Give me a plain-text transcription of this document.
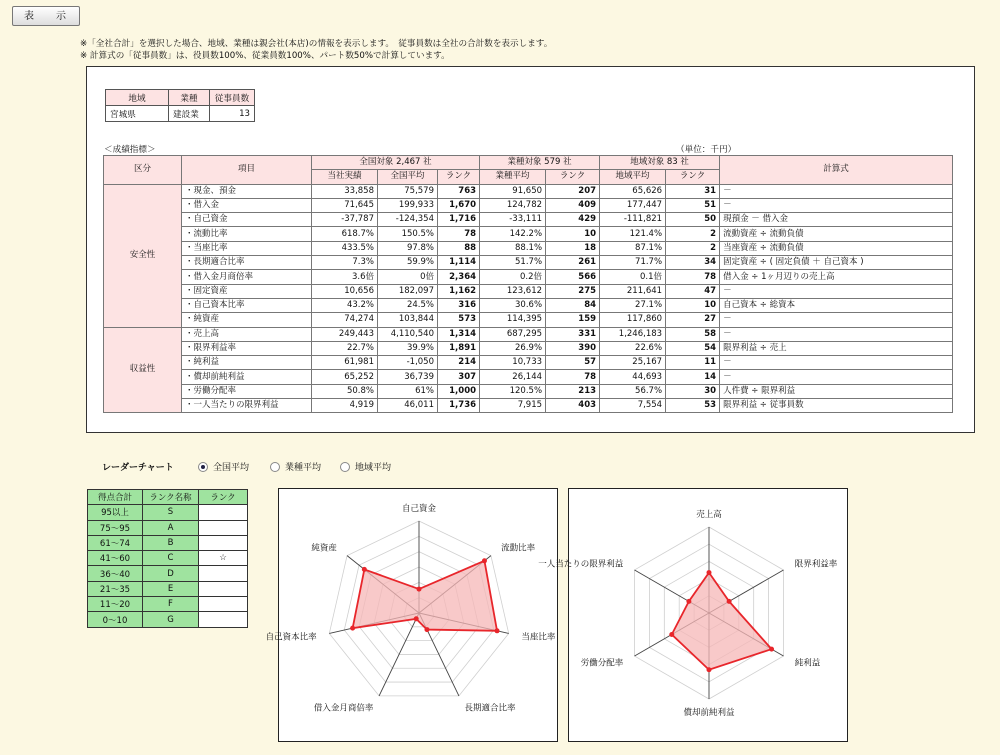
表　示
※「全社合計」を選択した場合、地域、業種は親会社(本店)の情報を表示します。　従事員数は全社の合計数を表示します。
※ 計算式の「従事員数」は、役員数100%、従業員数100%、パート数50%で計算しています。
地域	業種	従事員数
宮城県	建設業	13
＜成績指標＞	（単位：千円）
区分	項目	全国対象 2,467 社			業種対象 579 社		地域対象 83 社		計算式
		当社実績	全国平均	ランク	業種平均	ランク	地域平均	ランク	
安全性	・現金、預金	33,858	75,579	763	91,650	207	65,626	31	－
	・借入金	71,645	199,933	1,670	124,782	409	177,447	51	－
	・自己資金	-37,787	-124,354	1,716	-33,111	429	-111,821	50	現預金 － 借入金
	・流動比率	618.7%	150.5%	78	142.2%	10	121.4%	2	流動資産 ÷ 流動負債
	・当座比率	433.5%	97.8%	88	88.1%	18	87.1%	2	当座資産 ÷ 流動負債
	・長期適合比率	7.3%	59.9%	1,114	51.7%	261	71.7%	34	固定資産 ÷ ( 固定負債 ＋ 自己資本 )
	・借入金月商倍率	3.6倍	0倍	2,364	0.2倍	566	0.1倍	78	借入金 ÷ 1ヶ月辺りの売上高
	・固定資産	10,656	182,097	1,162	123,612	275	211,641	47	－
	・自己資本比率	43.2%	24.5%	316	30.6%	84	27.1%	10	自己資本 ÷ 総資本
	・純資産	74,274	103,844	573	114,395	159	117,860	27	－
収益性	・売上高	249,443	4,110,540	1,314	687,295	331	1,246,183	58	－
	・限界利益率	22.7%	39.9%	1,891	26.9%	390	22.6%	54	限界利益 ÷ 売上
	・純利益	61,981	-1,050	214	10,733	57	25,167	11	－
	・償却前純利益	65,252	36,739	307	26,144	78	44,693	14	－
	・労働分配率	50.8%	61%	1,000	120.5%	213	56.7%	30	人件費 ÷ 限界利益
	・一人当たりの限界利益	4,919	46,011	1,736	7,915	403	7,554	53	限界利益 ÷ 従事員数
レーダーチャート	全国平均	業種平均	地域平均
得点合計	ランク名称	ランク
95以上	S	
75～95	A	
61～74	B	
41～60	C	☆
36～40	D	
21～35	E	
11～20	F	
0～10	G	
自己資金
流動比率
当座比率
長期適合比率
借入金月商倍率
自己資本比率
純資産
売上高
限界利益率
純利益
償却前純利益
労働分配率
一人当たりの限界利益
